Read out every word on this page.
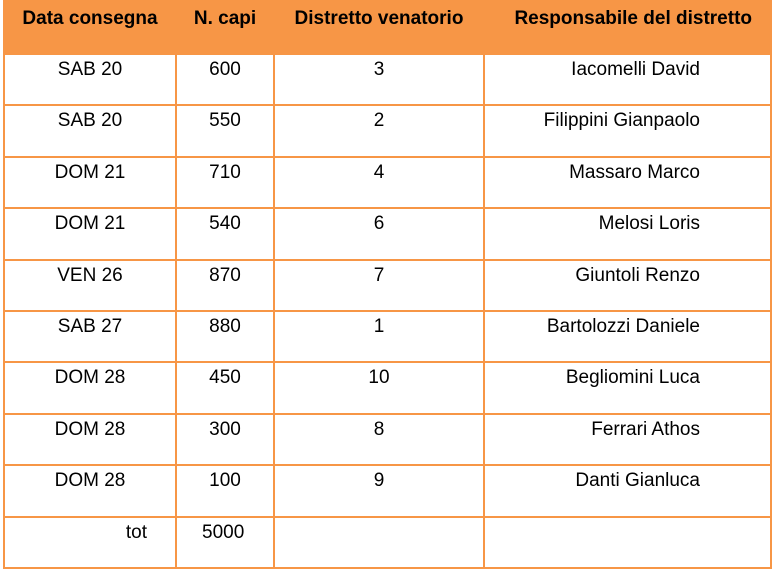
Data consegna	N. capi	Distretto venatorio	Responsabile del distretto
SAB 20	600	3	Iacomelli David
SAB 20	550	2	Filippini Gianpaolo
DOM 21	710	4	Massaro Marco
DOM 21	540	6	Melosi Loris
VEN 26	870	7	Giuntoli Renzo
SAB 27	880	1	Bartolozzi Daniele
DOM 28	450	10	Begliomini Luca
DOM 28	300	8	Ferrari Athos
DOM 28	100	9	Danti Gianluca
tot	5000		
